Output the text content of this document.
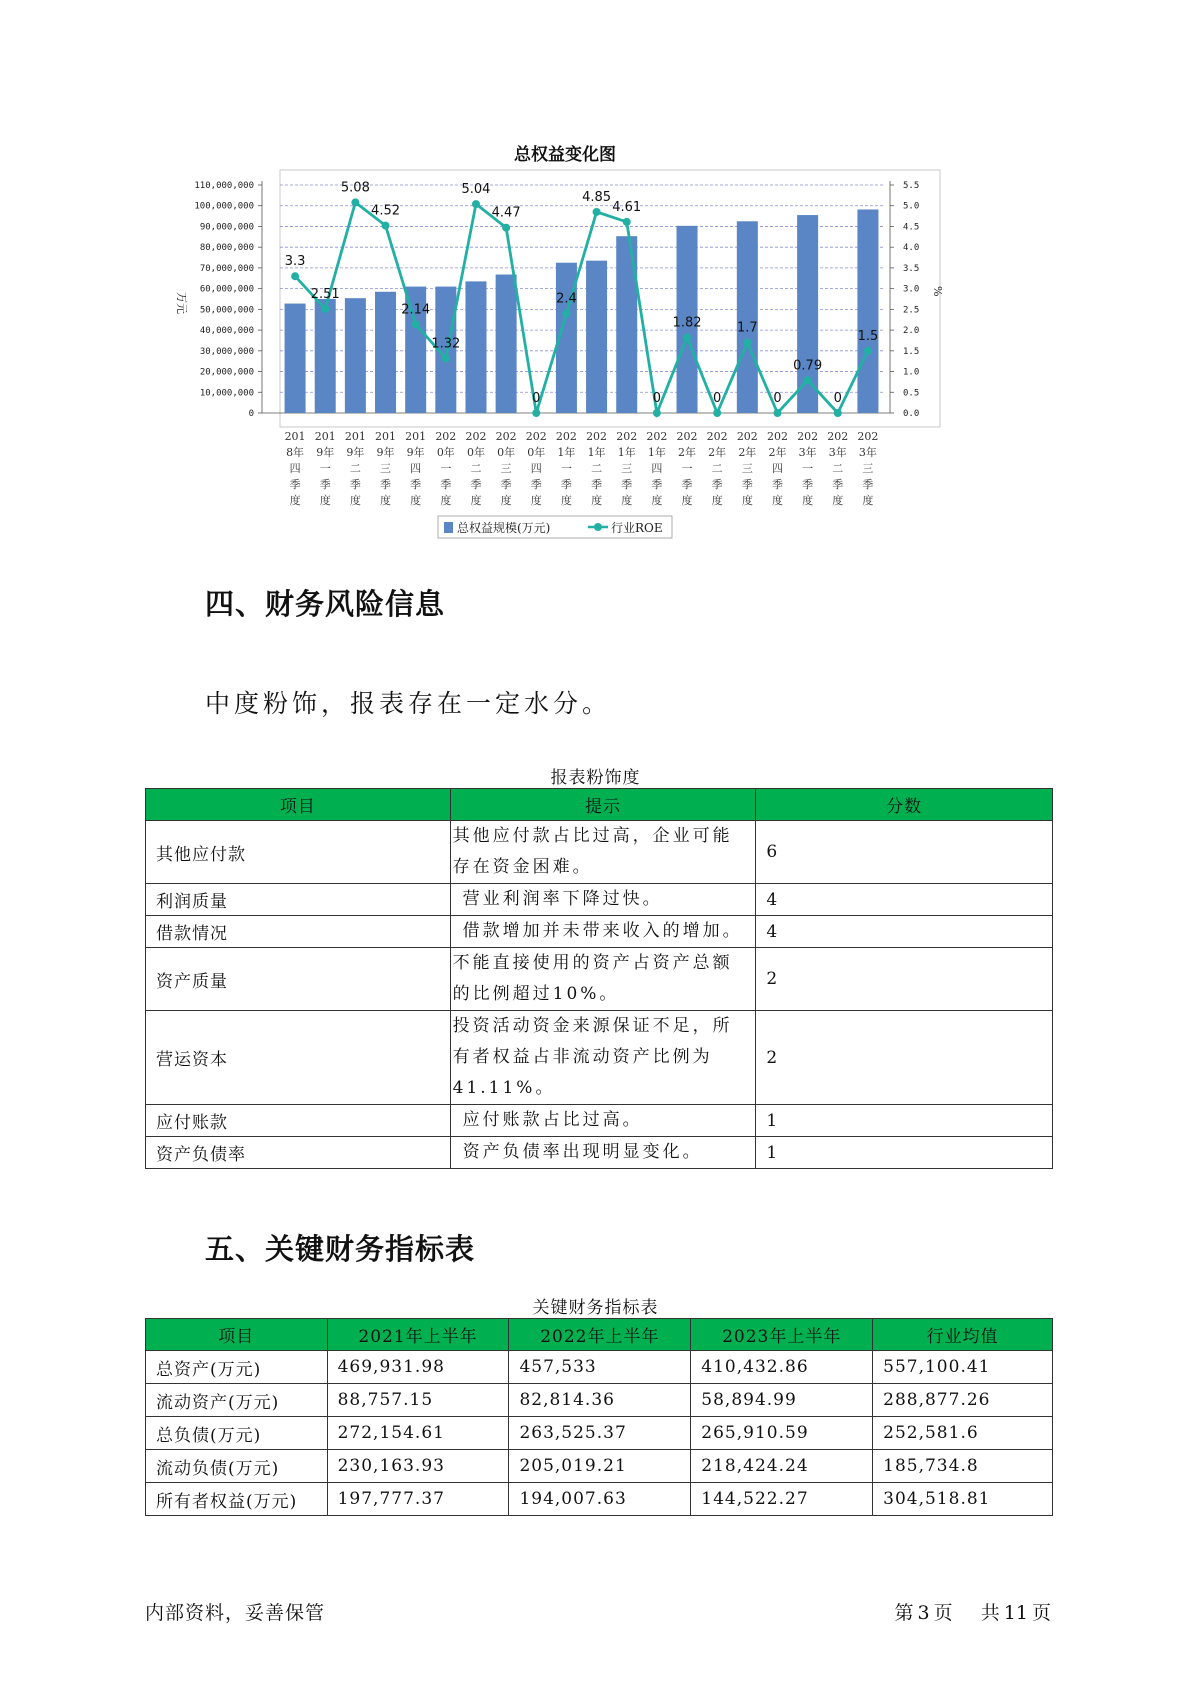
总权益变化图
0
10,000,000
20,000,000
30,000,000
40,000,000
50,000,000
60,000,000
70,000,000
80,000,000
90,000,000
100,000,000
110,000,000
0.0
0.5
1.0
1.5
2.0
2.5
3.0
3.5
4.0
4.5
5.0
5.5
万元
%
3.3
2.51
5.08
4.52
2.14
1.32
5.04
4.47
0
2.4
4.85
4.61
0
1.82
0
1.7
0
0.79
0
1.5
201
8年
四
季
度
201
9年
一
季
度
201
9年
二
季
度
201
9年
三
季
度
201
9年
四
季
度
202
0年
一
季
度
202
0年
二
季
度
202
0年
三
季
度
202
0年
四
季
度
202
1年
一
季
度
202
1年
二
季
度
202
1年
三
季
度
202
1年
四
季
度
202
2年
一
季
度
202
2年
二
季
度
202
2年
三
季
度
202
2年
四
季
度
202
3年
一
季
度
202
3年
二
季
度
202
3年
三
季
度
总权益规模(万元)	行业ROE
四、财务风险信息
中度粉饰，报表存在一定水分。
报表粉饰度
项目	提示	分数
其他应付款	其他应付款占比过高，企业可能存在资金困难。	6
利润质量	营业利润率下降过快。	4
借款情况	借款增加并未带来收入的增加。	4
资产质量	不能直接使用的资产占资产总额的比例超过10%。	2
营运资本	投资活动资金来源保证不足，所有者权益占非流动资产比例为41.11%。	2
应付账款	应付账款占比过高。	1
资产负债率	资产负债率出现明显变化。	1
五、关键财务指标表
关键财务指标表
项目	2021年上半年	2022年上半年	2023年上半年	行业均值
总资产(万元)	469,931.98	457,533	410,432.86	557,100.41
流动资产(万元)	88,757.15	82,814.36	58,894.99	288,877.26
总负债(万元)	272,154.61	263,525.37	265,910.59	252,581.6
流动负债(万元)	230,163.93	205,019.21	218,424.24	185,734.8
所有者权益(万元)	197,777.37	194,007.63	144,522.27	304,518.81
内部资料，妥善保管	第 3 页 共 11 页
